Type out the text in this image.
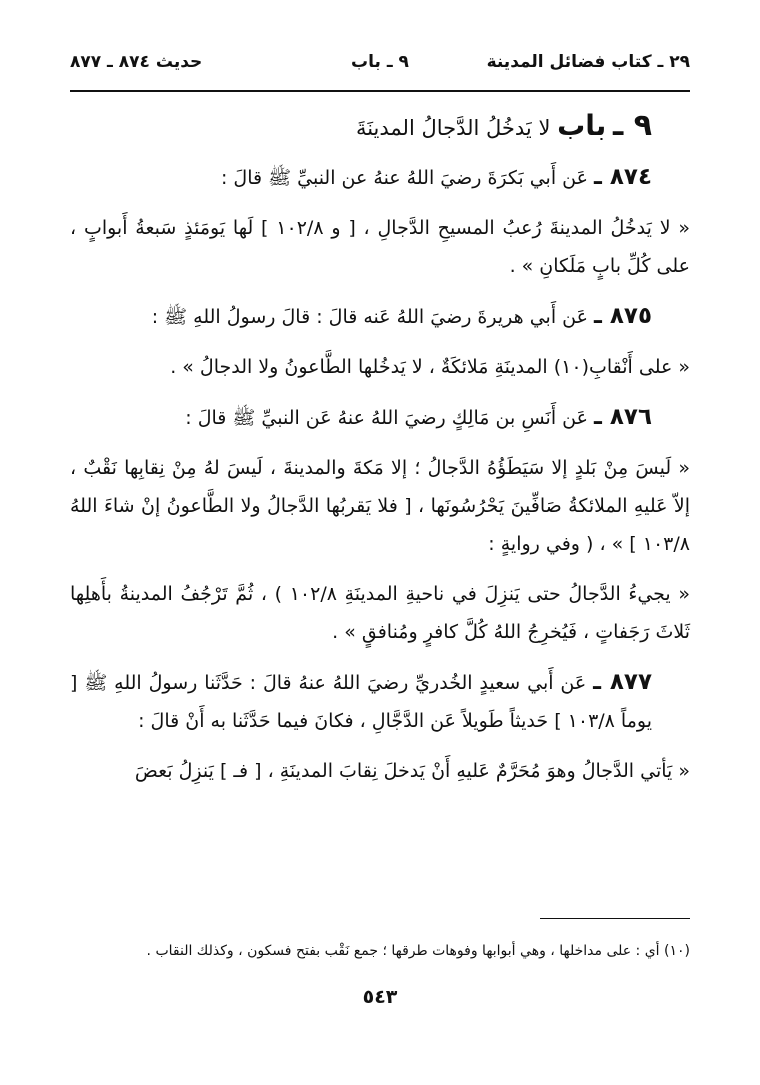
٢٩ ـ كتاب فضائل المدينة
٩ ـ باب
حديث ٨٧٤ ـ ٨٧٧
٩ ـ باب لا يَدخُلُ الدَّجالُ المدينَةَ

٨٧٤ ـ عَن أَبي بَكرَةَ رضيَ اللهُ عنهُ عن النبيِّ ﷺ قالَ :

« لا يَدخُلُ المدينةَ رُعبُ المسيحِ الدَّجالِ ، [ و ١٠٢/٨ ] لَها يَومَئذٍ سَبعةُ أَبوابٍ ، على كُلِّ بابٍ مَلَكانِ » .

٨٧٥ ـ عَن أَبي هريرةَ رضيَ اللهُ عَنه قالَ : قالَ رسولُ اللهِ ﷺ :

« على أَنْقابِ(١٠) المدينَةِ مَلائكَةٌ ، لا يَدخُلها الطَّاعونُ ولا الدجالُ » .

٨٧٦ ـ عَن أَنَسِ بن مَالِكٍ رضيَ اللهُ عنهُ عَن النبيِّ ﷺ قالَ :

« لَيسَ مِنْ بَلدٍ إلا سَيَطَؤُهُ الدَّجالُ ؛ إلا مَكةَ والمدينةَ ، لَيسَ لهُ مِنْ نِقابِها نَقْبٌ ، إلاّ عَليهِ الملائكةُ صَافِّينَ يَحْرُسُونَها ، [ فلا يَقربُها الدَّجالُ ولا الطَّاعونُ إنْ شاءَ اللهُ ١٠٣/٨ ] » ، ( وفي روايةٍ :

« يجيءُ الدَّجالُ حتى يَنزِلَ في ناحيةِ المدينَةِ ١٠٢/٨ ) ، ثُمَّ تَرْجُفُ المدينةُ بأَهلِها ثَلاثَ رَجَفاتٍ ، فَيُخرِجُ اللهُ كُلَّ كافرٍ ومُنافقٍ » .

٨٧٧ ـ عَن أَبي سعيدٍ الخُدريِّ رضيَ اللهُ عنهُ قالَ : حَدَّثَنا رسولُ اللهِ ﷺ [ يوماً ١٠٣/٨ ] حَديثاً طَويلاً عَن الدَّجَّالِ ، فكانَ فيما حَدَّثَنا به أَنْ قالَ :

« يَأتي الدَّجالُ وهوَ مُحَرَّمٌ عَليهِ أَنْ يَدخلَ نِقابَ المدينَةِ ، [ فـ ] يَنزِلُ بَعضَ

(١٠) أي : على مداخلها ، وهي أبوابها وفوهات طرقها ؛ جمع نَقْب بفتح فسكون ، وكذلك النقاب .
٥٤٣
